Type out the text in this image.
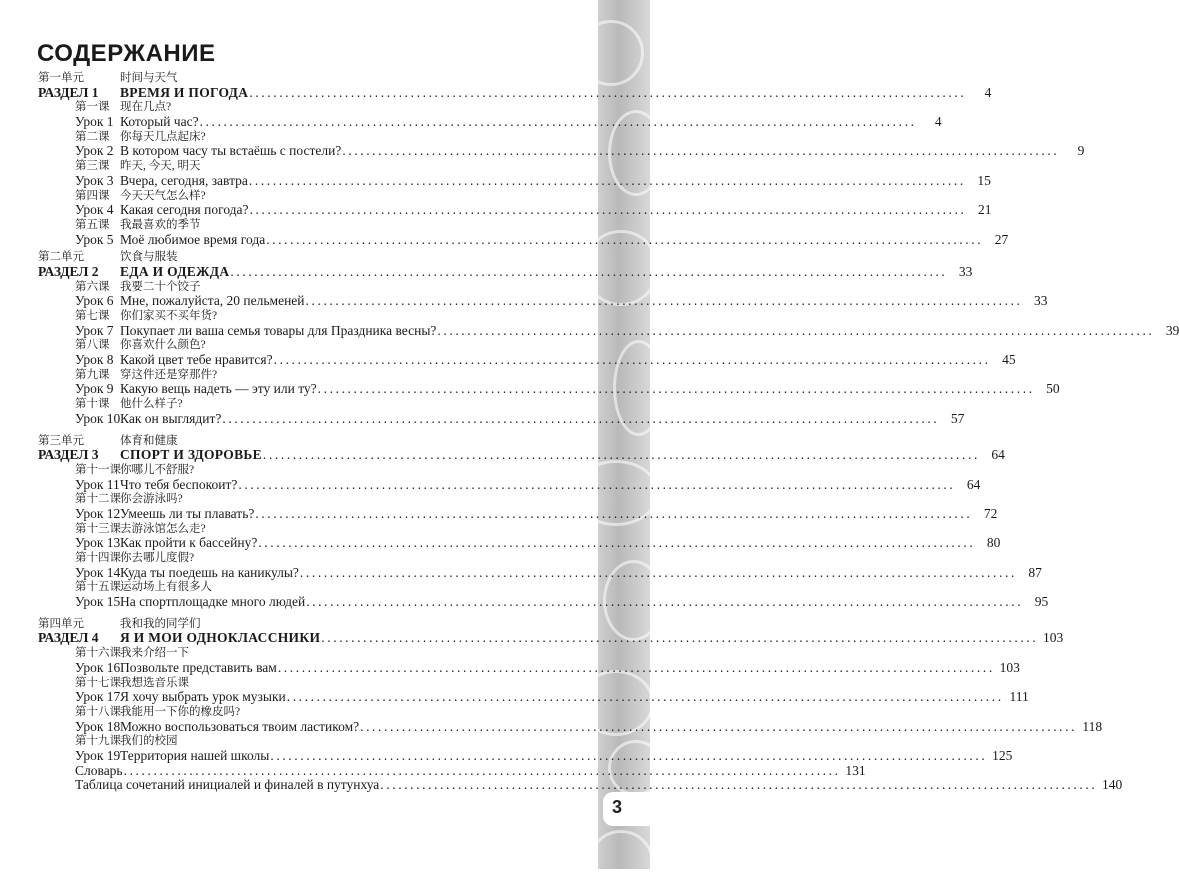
3
СОДЕРЖАНИЕ
第一单元	时间与天气
РАЗДЕЛ 1	ВРЕМЯ И ПОГОДА ........................................................................................................................	4
第一课 现在几点?
Урок 1 Который час? ........................................................................................................................	4
第二课 你每天几点起床?
Урок 2 В котором часу ты встаёшь с постели? ........................................................................................................................	9
第三课 昨天, 今天, 明天
Урок 3 Вчера, сегодня, завтра ........................................................................................................................ 15
第四课 今天天气怎么样?
Урок 4 Какая сегодня погода? ........................................................................................................................ 21
第五课 我最喜欢的季节
Урок 5 Моё любимое время года ........................................................................................................................ 27
第二单元	饮食与服装
РАЗДЕЛ 2	ЕДА И ОДЕЖДА ........................................................................................................................ 33
第六课 我要二十个饺子
Урок 6 Мне, пожалуйста, 20 пельменей ........................................................................................................................ 33
第七课 你们家买不买年货?
Урок 7 Покупает ли ваша семья товары для Праздника весны? ........................................................................................................................ 39
第八课 你喜欢什么颜色?
Урок 8 Какой цвет тебе нравится? ........................................................................................................................ 45
第九课 穿这件还是穿那件?
Урок 9 Какую вещь надеть — эту или ту? ........................................................................................................................ 50
第十课 他什么样子?
Урок 10 Как он выглядит? ........................................................................................................................ 57
第三单元	体育和健康
РАЗДЕЛ 3	СПОРТ И ЗДОРОВЬЕ ........................................................................................................................ 64
第十一课 你哪儿不舒服?
Урок 11 Что тебя беспокоит? ........................................................................................................................ 64
第十二课 你会游泳吗?
Урок 12 Умеешь ли ты плавать? ........................................................................................................................ 72
第十三课 去游泳馆怎么走?
Урок 13 Как пройти к бассейну? ........................................................................................................................ 80
第十四课 你去哪儿度假?
Урок 14 Куда ты поедешь на каникулы? ........................................................................................................................ 87
第十五课 运动场上有很多人
Урок 15 На спортплощадке много людей ........................................................................................................................ 95
第四单元	我和我的同学们
РАЗДЕЛ 4	Я И МОИ ОДНОКЛАССНИКИ ........................................................................................................................ 103
第十六课 我来介绍一下
Урок 16 Позвольте представить вам ........................................................................................................................ 103
第十七课 我想选音乐课
Урок 17 Я хочу выбрать урок музыки ........................................................................................................................ 111
第十八课 我能用一下你的橡皮吗?
Урок 18 Можно воспользоваться твоим ластиком? ........................................................................................................................ 118
第十九课 我们的校园
Урок 19 Территория нашей школы ........................................................................................................................ 125
Словарь ........................................................................................................................ 131
Таблица сочетаний инициалей и финалей в путунхуа ........................................................................................................................ 140
